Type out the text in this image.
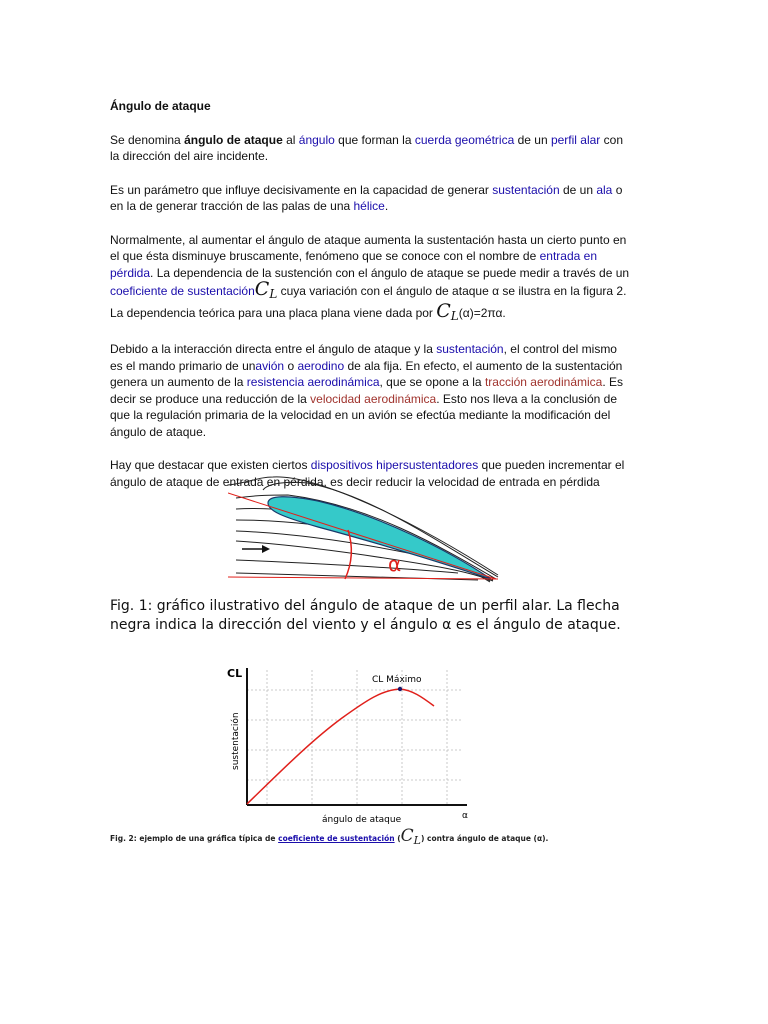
Ángulo de ataque

Se denomina ángulo de ataque al ángulo que forman la cuerda geométrica de un perfil alar con la dirección del aire incidente.

Es un parámetro que influye decisivamente en la capacidad de generar sustentación de un ala o en la de generar tracción de las palas de una hélice.

Normalmente, al aumentar el ángulo de ataque aumenta la sustentación hasta un cierto punto en el que ésta disminuye bruscamente, fenómeno que se conoce con el nombre de entrada en pérdida. La dependencia de la sustención con el ángulo de ataque se puede medir a través de un coeficiente de sustentaciónC$_L$ cuya variación con el ángulo de ataque α se ilustra en la figura 2. La dependencia teórica para una placa plana viene dada por $C_L(\alpha)=2\pi\alpha$.

Debido a la interacción directa entre el ángulo de ataque y la sustentación, el control del mismo es el mando primario de unavión o aerodino de ala fija. En efecto, el aumento de la sustentación genera un aumento de la resistencia aerodinámica, que se opone a la tracción aerodinámica. Es decir se produce una reducción de la velocidad aerodinámica. Esto nos lleva a la conclusión de que la regulación primaria de la velocidad en un avión se efectúa mediante la modificación del ángulo de ataque.

Hay que destacar que existen ciertos dispositivos hipersustentadores que pueden incrementar el ángulo de ataque de entrada en pérdida, es decir reducir la velocidad de entrada en pérdida

α
Fig. 1: gráfico ilustrativo del ángulo de ataque de un perfil alar. La flecha negra indica la dirección del viento y el ángulo α es el ángulo de ataque.
CL	CL Máximo
sustentación
ángulo de ataque	α
Fig. 2: ejemplo de una gráfica típica de coeficiente de sustentación $(C_L)$ contra ángulo de ataque (α).
